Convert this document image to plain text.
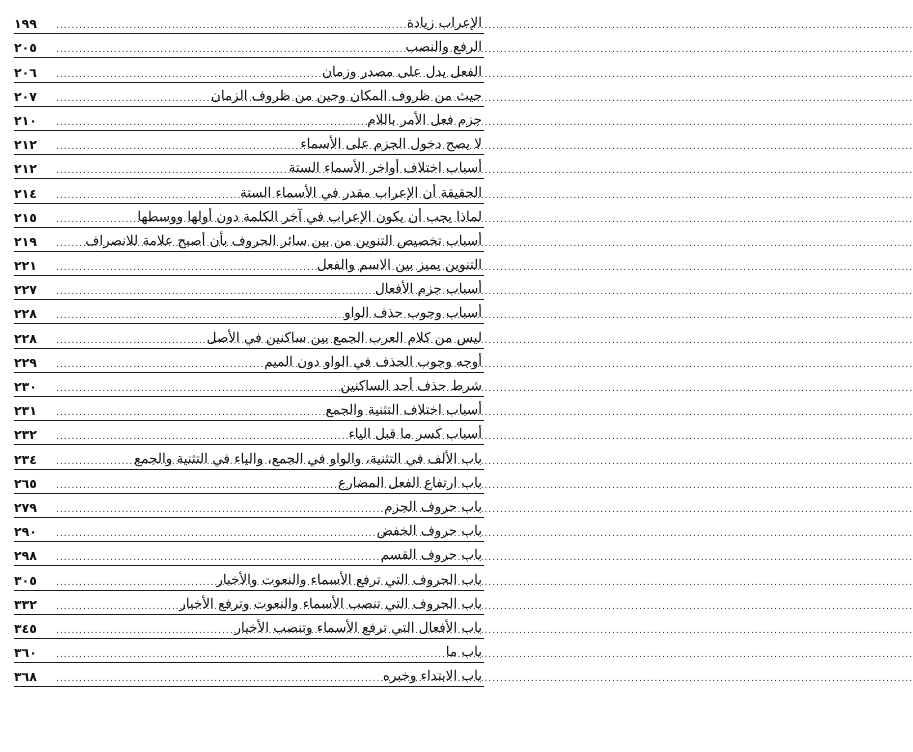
الإعراب زيادة
.....
١٩٩
الرفع والنصب
.....
٢٠٥
الفعل يدل على مصدر وزمان
.....
٢٠٦
حيث من ظروف المكان وحين من ظروف الزمان
.....
٢٠٧
جزم فعل الأمر باللام
.....
٢١٠
لا يصح دخول الجزم على الأسماء
.....
٢١٢
أسباب اختلاف أواخر الأسماء الستة
.....
٢١٢
الحقيقة أن الإعراب مقدر في الأسماء الستة
.....
٢١٤
لماذا يجب أن يكون الإعراب في آخر الكلمة دون أولها ووسطها
.....
٢١٥
أسباب تخصيص التنوين من بين سائر الحروف بأن أصبح علامة للانصراف
.....
٢١٩
التنوين يميز بين الاسم والفعل
.....
٢٢١
أسباب جزم الأفعال
.....
٢٢٧
أسباب وجوب حذف الواو
.....
٢٢٨
ليس من كلام العرب الجمع بين ساكنين في الأصل
.....
٢٢٨
أوجه وجوب الحذف في الواو دون الميم
.....
٢٢٩
شرط حذف أحد الساكنين
.....
٢٣٠
أسباب اختلاف التثنية والجمع
.....
٢٣١
أسباب كسر ما قبل الياء
.....
٢٣٢
باب الألف في التثنية، والواو في الجمع، والياء في التثنية والجمع
.....
٢٣٤
باب ارتفاع الفعل المضارع
.....
٢٦٥
باب حروف الجزم
.....
٢٧٩
باب حروف الخفض
.....
٢٩٠
باب حروف القسم
.....
٢٩٨
باب الحروف التي ترفع الأسماء والنعوت والأخبار
.....
٣٠٥
باب الحروف التي تنصب الأسماء والنعوت وترفع الأخبار
.....
٣٣٢
باب الأفعال التي ترفع الأسماء وتنصب الأخبار
.....
٣٤٥
باب ما
.....
٣٦٠
باب الابتداء وخبره
.....
٣٦٨
